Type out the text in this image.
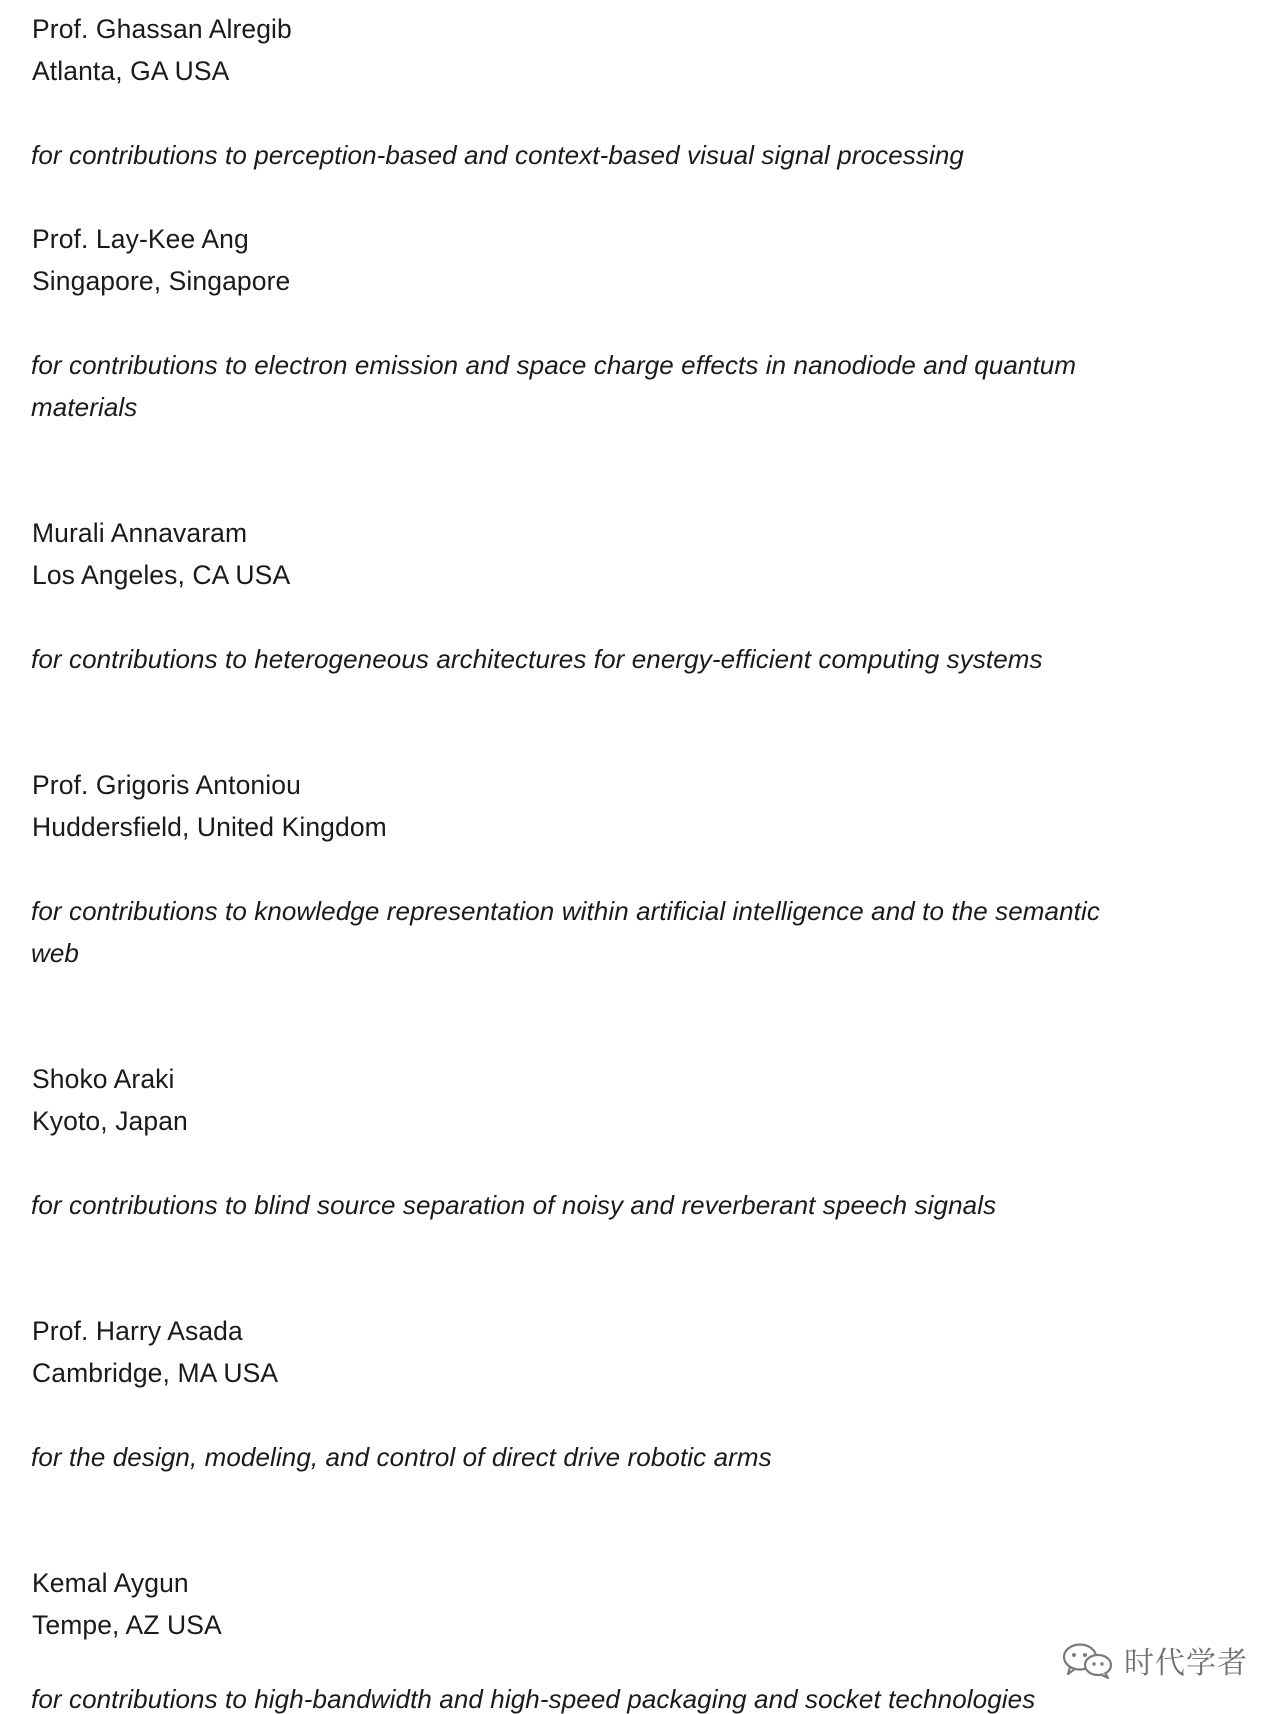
Prof. Ghassan Alregib
Atlanta, GA USA
for contributions to perception-based and context-based visual signal processing
Prof. Lay-Kee Ang
Singapore, Singapore
for contributions to electron emission and space charge effects in nanodiode and quantum
materials
Murali Annavaram
Los Angeles, CA USA
for contributions to heterogeneous architectures for energy-efficient computing systems
Prof. Grigoris Antoniou
Huddersfield, United Kingdom
for contributions to knowledge representation within artificial intelligence and to the semantic
web
Shoko Araki
Kyoto, Japan
for contributions to blind source separation of noisy and reverberant speech signals
Prof. Harry Asada
Cambridge, MA USA
for the design, modeling, and control of direct drive robotic arms
Kemal Aygun
Tempe, AZ USA
for contributions to high-bandwidth and high-speed packaging and socket technologies
时代学者
